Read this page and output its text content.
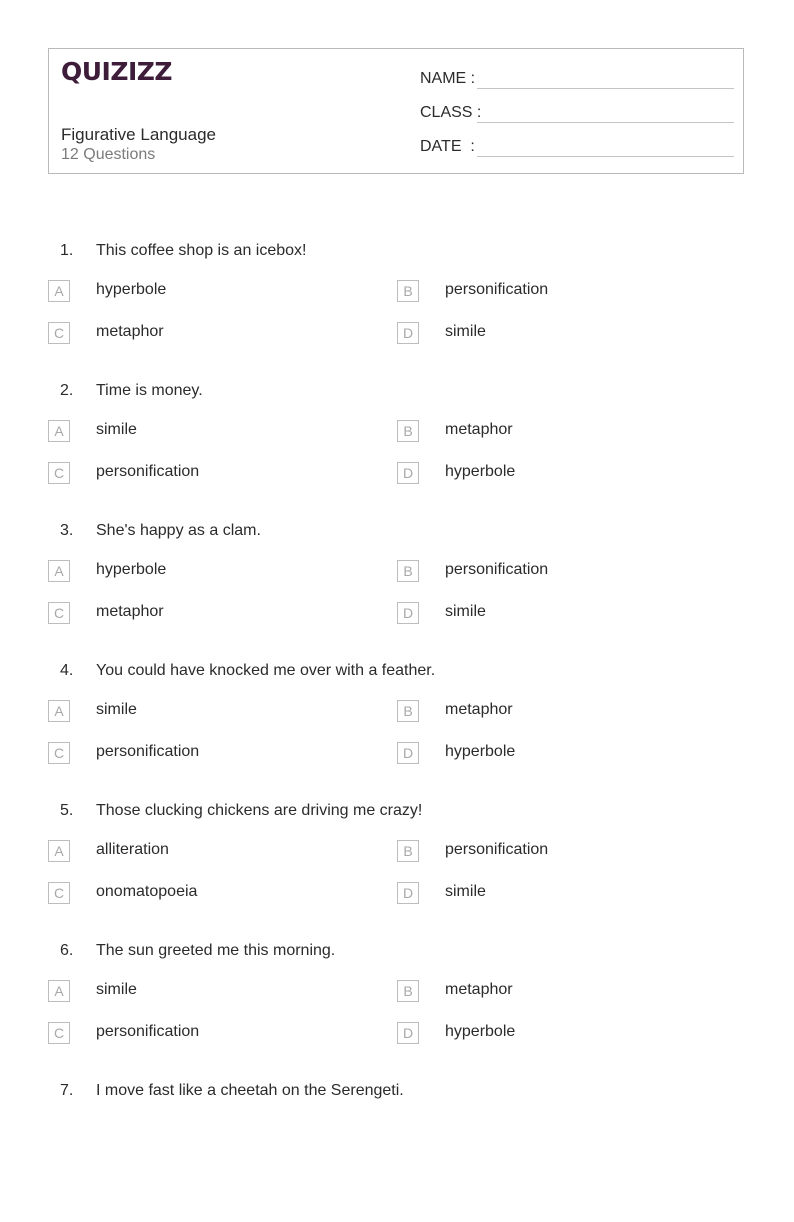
QUIZIZZ
Figurative Language
12 Questions
NAME :
CLASS :
DATE  :
1. This coffee shop is an icebox!
A	hyperbole	B	personification
C	metaphor	D	simile
2. Time is money.
A	simile	B	metaphor
C	personification	D	hyperbole
3. She's happy as a clam.
A	hyperbole	B	personification
C	metaphor	D	simile
4. You could have knocked me over with a feather.
A	simile	B	metaphor
C	personification	D	hyperbole
5. Those clucking chickens are driving me crazy!
A	alliteration	B	personification
C	onomatopoeia	D	simile
6. The sun greeted me this morning.
A	simile	B	metaphor
C	personification	D	hyperbole
7. I move fast like a cheetah on the Serengeti.
